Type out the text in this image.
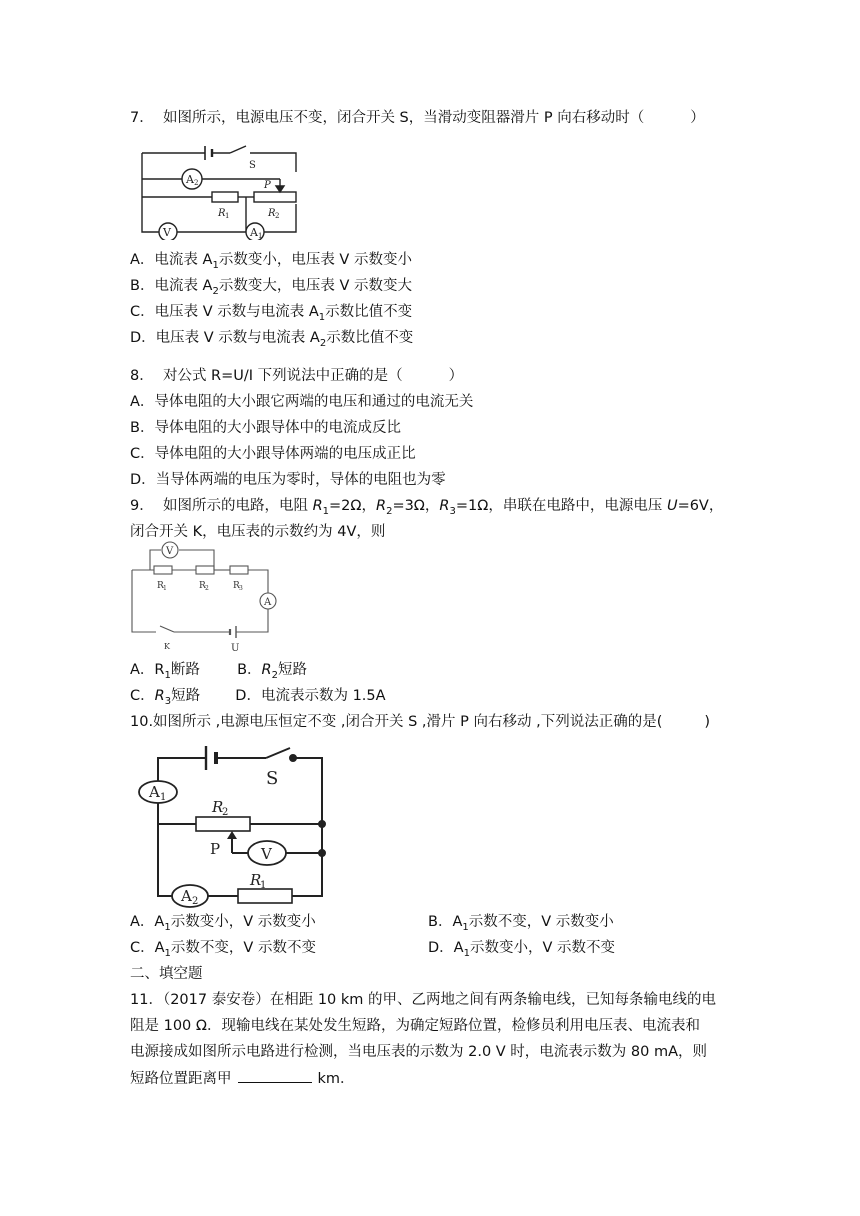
7． 如图所示，电源电压不变，闭合开关 S，当滑动变阻器滑片 P 向右移动时（	）
S
A 2
V	A 1
R 1	R 2
P
A．电流表 $A_1$示数变小，电压表 V 示数变小
B．电流表 $A_2$示数变大，电压表 V 示数变大
C．电压表 V 示数与电流表 $A_1$示数比值不变
D．电压表 V 示数与电流表 $A_2$示数比值不变
8． 对公式 R=U/I 下列说法中正确的是（	）
A．导体电阻的大小跟它两端的电压和通过的电流无关
B．导体电阻的大小跟导体中的电流成反比
C．导体电阻的大小跟导体两端的电压成正比
D．当导体两端的电压为零时，导体的电阻也为零
9． 如图所示的电路，电阻 $R_1=2\Omega$，$R_2=3\Omega$，$R_3=1\Omega$，串联在电路中，电源电压 U=6V，
闭合开关 K，电压表的示数约为 4V，则
V
A
R 1	R 2	R 3
K	U
A．$R_1$断路	B．$R_2$短路
C．$R_3$短路 D．电流表示数为 1.5A
10.如图所示 ,电源电压恒定不变 ,闭合开关 S ,滑片 P 向右移动 ,下列说法正确的是(	)
S
A 1
A 2
R
2
R
1
P	V
A．$A_1$示数变小，V 示数变小	B．$A_1$示数不变，V 示数变小
C．$A_1$示数不变，V 示数不变	D．$A_1$示数变小，V 示数不变
二、填空题
11．（2017 泰安卷）在相距 10 km 的甲、乙两地之间有两条输电线，已知每条输电线的电
阻是 100 Ω．现输电线在某处发生短路，为确定短路位置，检修员利用电压表、电流表和
电源接成如图所示电路进行检测，当电压表的示数为 2.0 V 时，电流表示数为 80 mA，则
短路位置距离甲	km．
